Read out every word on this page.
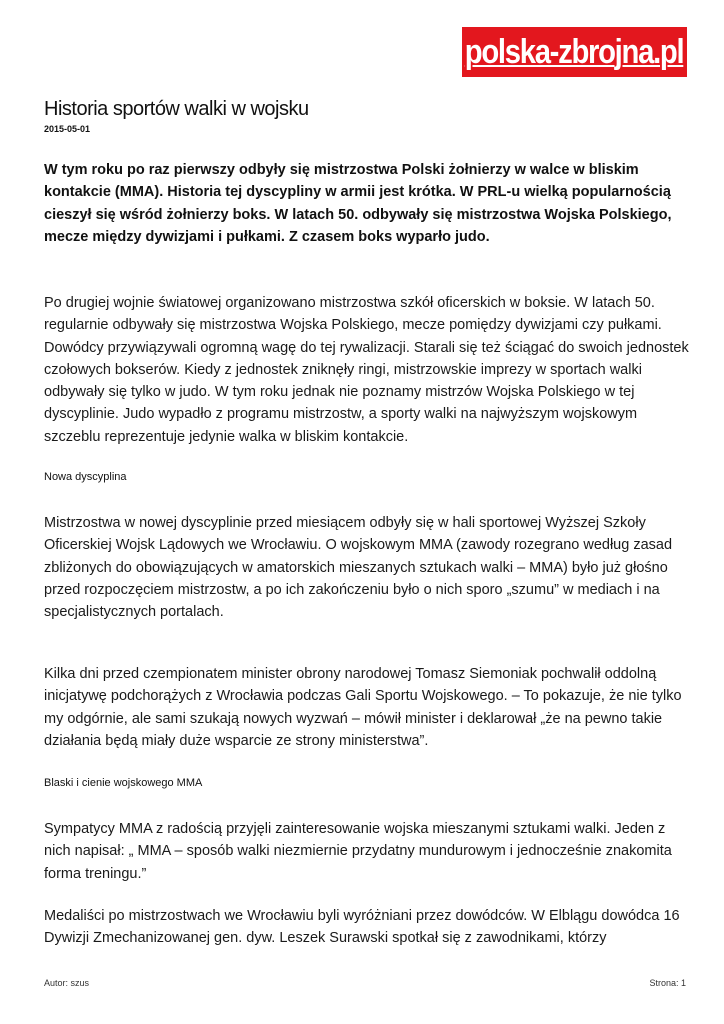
polska-zbrojna.pl
Historia sportów walki w wojsku
2015-05-01

W tym roku po raz pierwszy odbyły się mistrzostwa Polski żołnierzy w walce w bliskim kontakcie (MMA). Historia tej dyscypliny w armii jest krótka. W PRL-u wielką popularnością cieszył się wśród żołnierzy boks. W latach 50. odbywały się mistrzostwa Wojska Polskiego, mecze między dywizjami i pułkami. Z czasem boks wyparło judo.

Po drugiej wojnie światowej organizowano mistrzostwa szkół oficerskich w boksie. W latach 50. regularnie odbywały się mistrzostwa Wojska Polskiego, mecze pomiędzy dywizjami czy pułkami. Dowódcy przywiązywali ogromną wagę do tej rywalizacji. Starali się też ściągać do swoich jednostek czołowych bokserów. Kiedy z jednostek zniknęły ringi, mistrzowskie imprezy w sportach walki odbywały się tylko w judo. W tym roku jednak nie poznamy mistrzów Wojska Polskiego w tej dyscyplinie. Judo wypadło z programu mistrzostw, a sporty walki na najwyższym wojskowym szczeblu reprezentuje jedynie walka w bliskim kontakcie.

Nowa dyscyplina

Mistrzostwa w nowej dyscyplinie przed miesiącem odbyły się w hali sportowej Wyższej Szkoły Oficerskiej Wojsk Lądowych we Wrocławiu. O wojskowym MMA (zawody rozegrano według zasad zbliżonych do obowiązujących w amatorskich mieszanych sztukach walki – MMA) było już głośno przed rozpoczęciem mistrzostw, a po ich zakończeniu było o nich sporo „szumu” w mediach i na specjalistycznych portalach.

Kilka dni przed czempionatem minister obrony narodowej Tomasz Siemoniak pochwalił oddolną inicjatywę podchorążych z Wrocławia podczas Gali Sportu Wojskowego. – To pokazuje, że nie tylko my odgórnie, ale sami szukają nowych wyzwań – mówił minister i deklarował „że na pewno takie działania będą miały duże wsparcie ze strony ministerstwa”.

Blaski i cienie wojskowego MMA

Sympatycy MMA z radością przyjęli zainteresowanie wojska mieszanymi sztukami walki. Jeden z nich napisał: „ MMA – sposób walki niezmiernie przydatny mundurowym i jednocześnie znakomita forma treningu.”

Medaliści po mistrzostwach we Wrocławiu byli wyróżniani przez dowódców. W Elblągu dowódca 16 Dywizji Zmechanizowanej gen. dyw. Leszek Surawski spotkał się z zawodnikami, którzy

Autor: szus	Strona: 1
